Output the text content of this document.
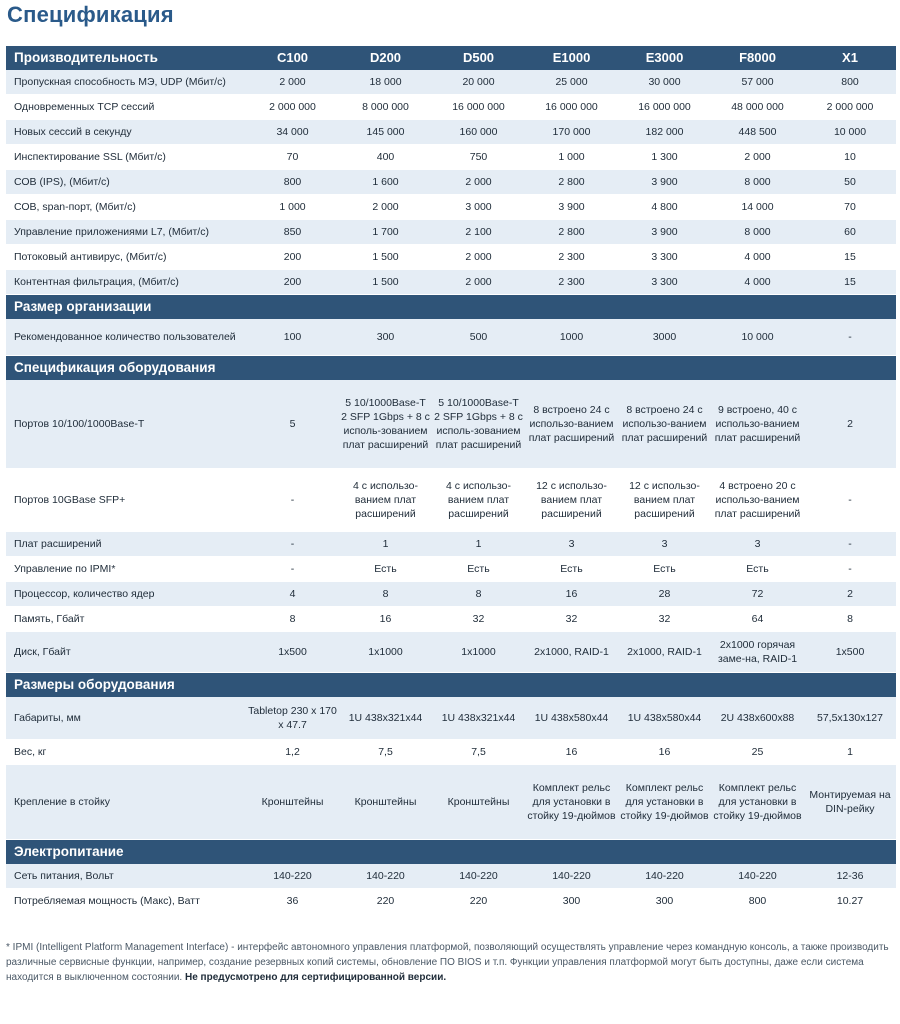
Спецификация
Производительность	C100	D200	D500	E1000	E3000	F8000	X1
Пропускная способность МЭ, UDP (Мбит/с)	2 000	18 000	20 000	25 000	30 000	57 000	800
Одновременных TCP сессий	2 000 000	8 000 000	16 000 000	16 000 000	16 000 000	48 000 000	2 000 000
Новых сессий в секунду	34 000	145 000	160 000	170 000	182 000	448 500	10 000
Инспектирование SSL (Мбит/с)	70	400	750	1 000	1 300	2 000	10
СОВ (IPS), (Мбит/с)	800	1 600	2 000	2 800	3 900	8 000	50
СОВ, span-порт, (Мбит/с)	1 000	2 000	3 000	3 900	4 800	14 000	70
Управление приложениями L7, (Мбит/с)	850	1 700	2 100	2 800	3 900	8 000	60
Потоковый антивирус, (Мбит/с)	200	1 500	2 000	2 300	3 300	4 000	15
Контентная фильтрация, (Мбит/с)	200	1 500	2 000	2 300	3 300	4 000	15
Размер организации							
Рекомендованное количество пользователей	100	300	500	1000	3000	10 000	-
Спецификация оборудования							
Портов 10/100/1000Base-T	5	5 10/1000Base-T 2 SFP 1Gbps + 8 с исполь-зованием плат расширений	5 10/1000Base-T 2 SFP 1Gbps + 8 с исполь-зованием плат расширений	8 встроено 24 с использо-ванием плат расширений	8 встроено 24 с использо-ванием плат расширений	9 встроено, 40 с использо-ванием плат расширений	2
Портов 10GBase SFP+	-	4 с использо-ванием плат расширений	4 с использо-ванием плат расширений	12 с использо-ванием плат расширений	12 с использо-ванием плат расширений	4 встроено 20 с использо-ванием плат расширений	-
Плат расширений	-	1	1	3	3	3	-
Управление по IPMI*	-	Есть	Есть	Есть	Есть	Есть	-
Процессор, количество ядер	4	8	8	16	28	72	2
Память, Гбайт	8	16	32	32	32	64	8
Диск, Гбайт	1x500	1x1000	1x1000	2x1000, RAID-1	2x1000, RAID-1	2x1000 горячая заме-на, RAID-1	1x500
Размеры оборудования							
Габариты, мм	Tabletop 230 x 170 x 47.7	1U 438x321x44	1U 438x321x44	1U 438x580x44	1U 438x580x44	2U 438x600x88	57,5x130x127
Вес, кг	1,2	7,5	7,5	16	16	25	1
Крепление в стойку	Кронштейны	Кронштейны	Кронштейны	Комплект рельс для установки в стойку 19-дюймов	Комплект рельс для установки в стойку 19-дюймов	Комплект рельс для установки в стойку 19-дюймов	Монтируемая на DIN-рейку
Электропитание							
Сеть питания, Вольт	140-220	140-220	140-220	140-220	140-220	140-220	12-36
Потребляемая мощность (Макс), Ватт	36	220	220	300	300	800	10.27
* IPMI (Intelligent Platform Management Interface) - интерфейс автономного управления платформой, позволяющий осуществлять управление через командную консоль, а также производить различные сервисные функции, например, создание резервных копий системы, обновление ПО BIOS и т.п. Функции управления платформой могут быть доступны, даже если система находится в выключенном состоянии. Не предусмотрено для сертифицированной версии.
